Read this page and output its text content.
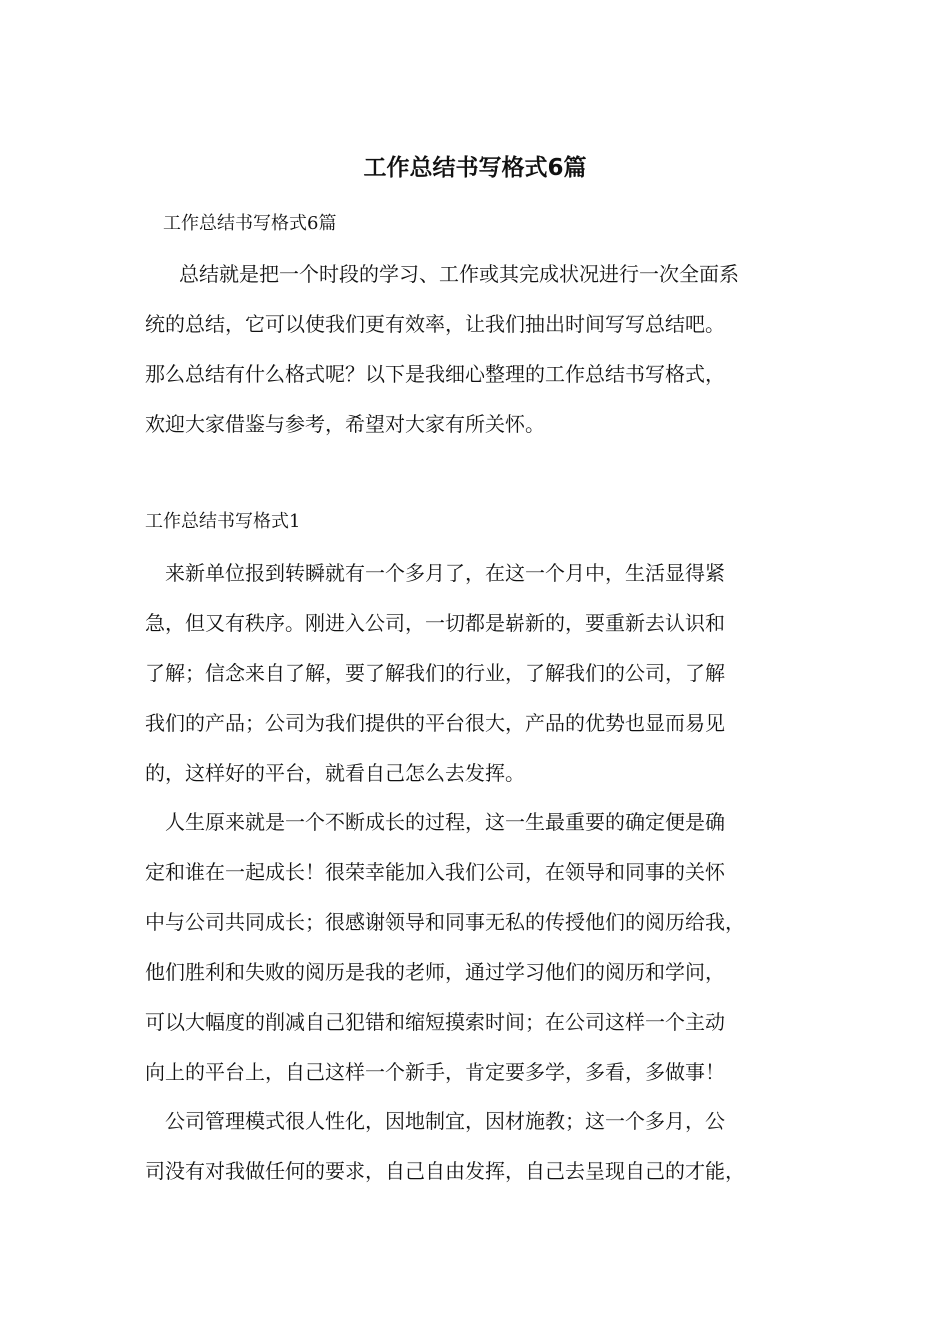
工作总结书写格式6篇

工作总结书写格式6篇

总结就是把一个时段的学习、工作或其完成状况进行一次全面系
统的总结，它可以使我们更有效率，让我们抽出时间写写总结吧。
那么总结有什么格式呢？以下是我细心整理的工作总结书写格式，
欢迎大家借鉴与参考，希望对大家有所关怀。

工作总结书写格式1

来新单位报到转瞬就有一个多月了，在这一个月中，生活显得紧
急，但又有秩序。刚进入公司，一切都是崭新的，要重新去认识和
了解；信念来自了解，要了解我们的行业，了解我们的公司，了解
我们的产品；公司为我们提供的平台很大，产品的优势也显而易见
的，这样好的平台，就看自己怎么去发挥。
人生原来就是一个不断成长的过程，这一生最重要的确定便是确
定和谁在一起成长！很荣幸能加入我们公司，在领导和同事的关怀
中与公司共同成长；很感谢领导和同事无私的传授他们的阅历给我，
他们胜利和失败的阅历是我的老师，通过学习他们的阅历和学问，
可以大幅度的削减自己犯错和缩短摸索时间；在公司这样一个主动
向上的平台上，自己这样一个新手，肯定要多学，多看，多做事！
公司管理模式很人性化，因地制宜，因材施教；这一个多月，公
司没有对我做任何的要求，自己自由发挥，自己去呈现自己的才能，
